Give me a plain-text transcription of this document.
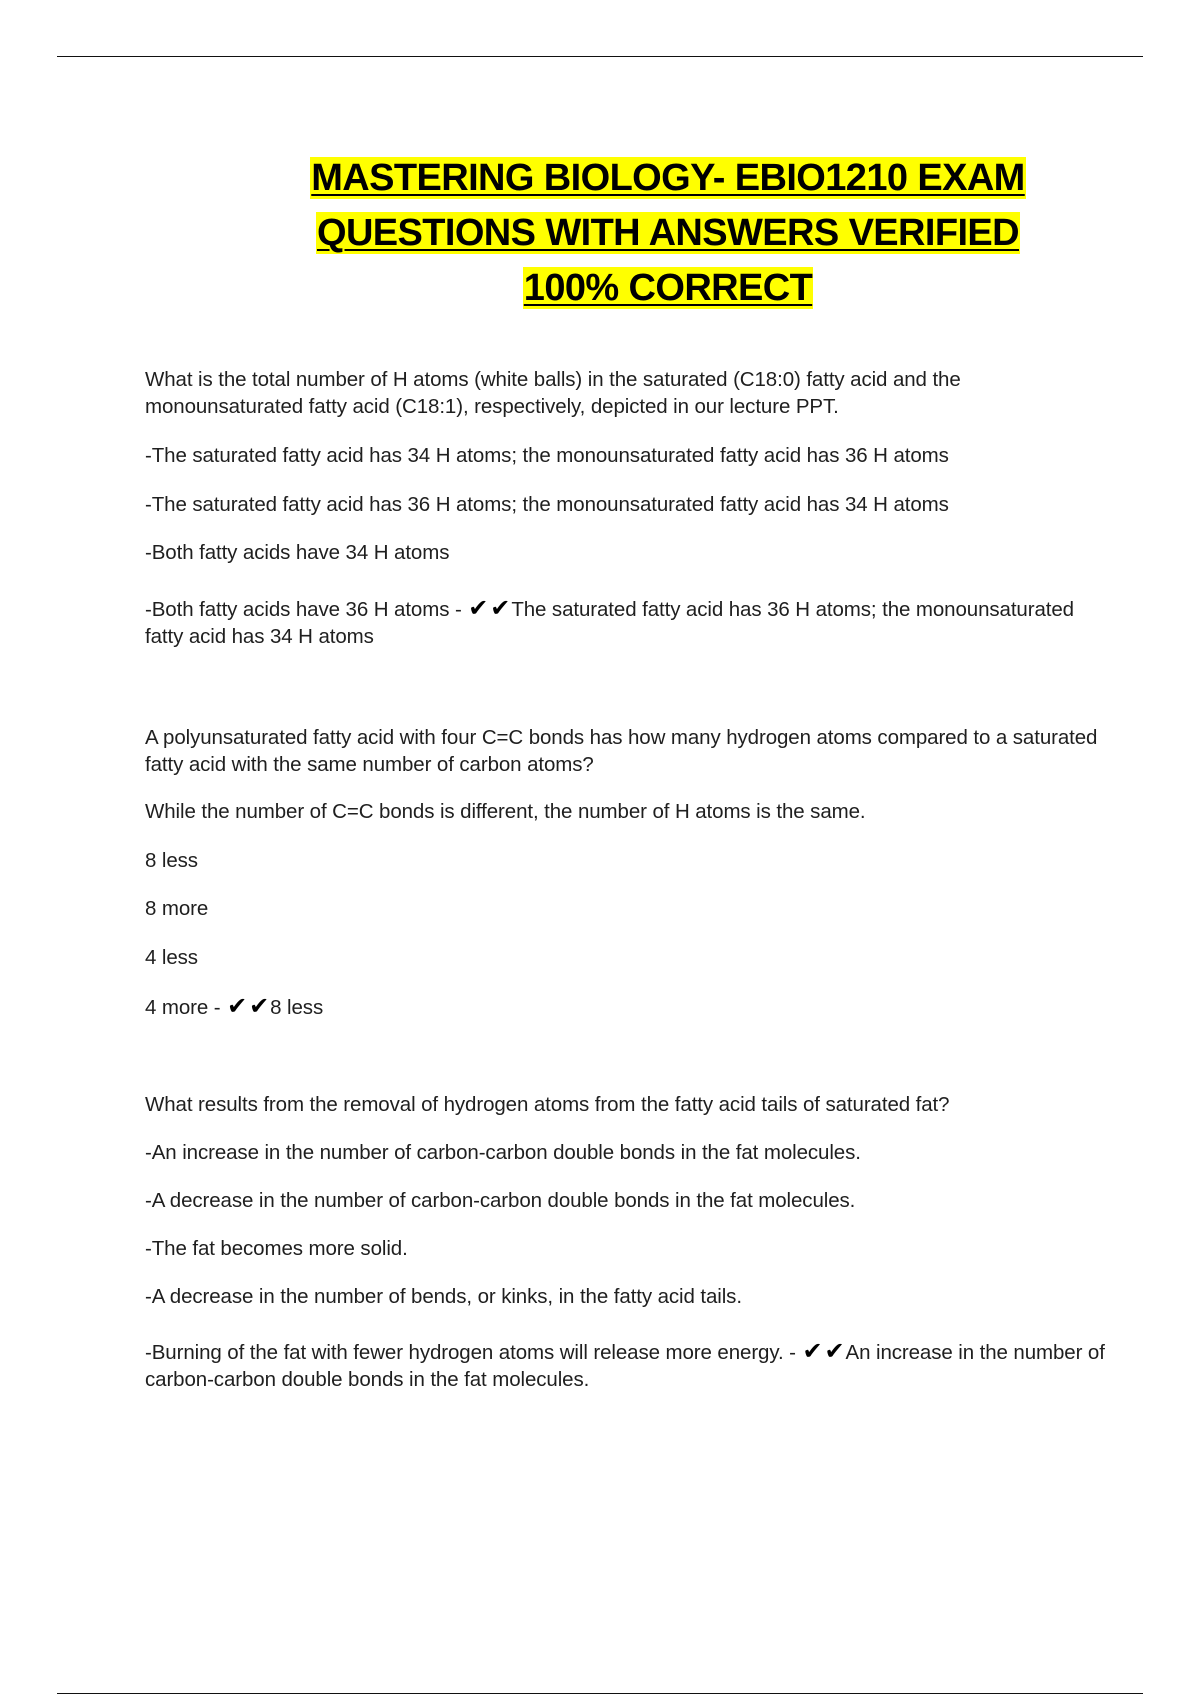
MASTERING BIOLOGY- EBIO1210 EXAM
QUESTIONS WITH ANSWERS VERIFIED
100% CORRECT

What is the total number of H atoms (white balls) in the saturated (C18:0) fatty acid and the monounsaturated fatty acid (C18:1), respectively, depicted in our lecture PPT.

-The saturated fatty acid has 34 H atoms; the monounsaturated fatty acid has 36 H atoms

-The saturated fatty acid has 36 H atoms; the monounsaturated fatty acid has 34 H atoms

-Both fatty acids have 34 H atoms

-Both fatty acids have 36 H atoms - ✔✔The saturated fatty acid has 36 H atoms; the monounsaturated fatty acid has 34 H atoms

A polyunsaturated fatty acid with four C=C bonds has how many hydrogen atoms compared to a saturated fatty acid with the same number of carbon atoms?

While the number of C=C bonds is different, the number of H atoms is the same.

8 less

8 more

4 less

4 more - ✔✔8 less

What results from the removal of hydrogen atoms from the fatty acid tails of saturated fat?

-An increase in the number of carbon-carbon double bonds in the fat molecules.

-A decrease in the number of carbon-carbon double bonds in the fat molecules.

-The fat becomes more solid.

-A decrease in the number of bends, or kinks, in the fatty acid tails.

-Burning of the fat with fewer hydrogen atoms will release more energy. - ✔✔An increase in the number of carbon-carbon double bonds in the fat molecules.
